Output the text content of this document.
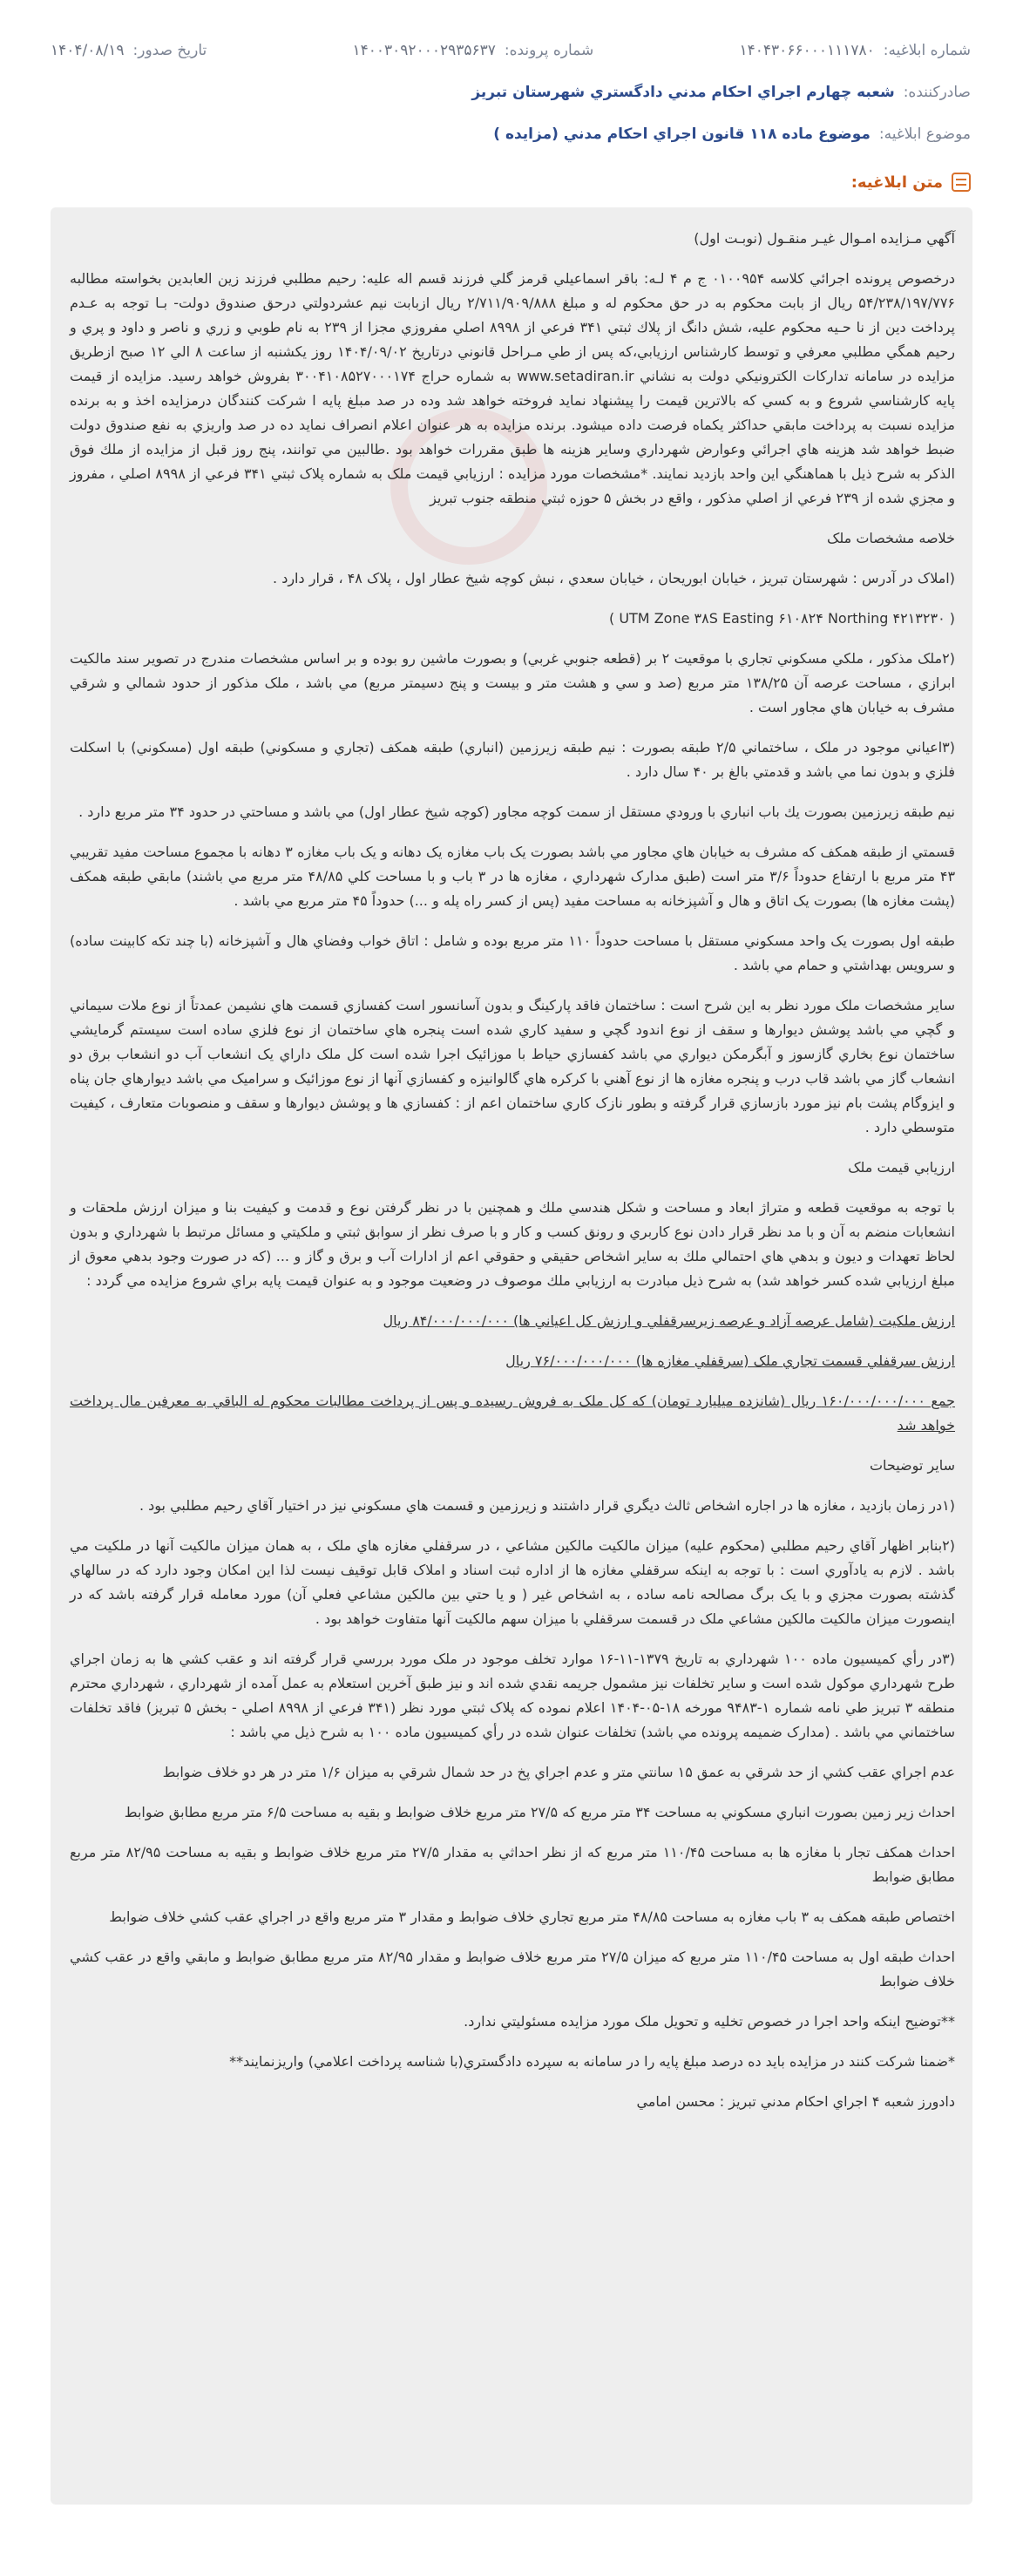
شماره ابلاغيه:
۱۴۰۴۳۰۶۶۰۰۰۱۱۱۷۸۰
شماره پرونده:
۱۴۰۰۳۰۹۲۰۰۰۲۹۳۵۶۳۷
تاريخ صدور:
۱۴۰۴/۰۸/۱۹
صادرکننده:
شعبه چهارم اجراي احكام مدني دادگستري شهرستان تبريز
موضوع ابلاغيه:
موضوع ماده ۱۱۸ قانون اجراي احکام مدني (مزايده )
متن ابلاغيه:

آگهي مـزايده امـوال غيـر منقـول (نوبـت اول)

درخصوص پرونده اجرائي كلاسه ۰۱۰۰۹۵۴ ج م ۴ لـه: باقر اسماعيلي قرمز گلي فرزند قسم اله عليه: رحيم مطلبي فرزند زين العابدين بخواسته مطالبه ۵۴/۲۳۸/۱۹۷/۷۷۶ ريال از بابت محكوم به در حق محكوم له و مبلغ ۲/۷۱۱/۹۰۹/۸۸۸ ريال ازبابت نيم عشردولتي درحق صندوق دولت- بـا توجه به عـدم پرداخت دين از نا حـيه محكوم عليه، شش دانگ از پلاك ثبتي ۳۴۱ فرعي از ۸۹۹۸ اصلي مفروزي مجزا از ۲۳۹ به نام طوبي و زري و ناصر و داود و پري و رحيم همگي مطلبي معرفي و توسط كارشناس ارزيابي،كه پس از طي مـراحل قانوني درتاريخ ۱۴۰۴/۰۹/۰۲ روز يكشنبه از ساعت ۸ الي ۱۲ صبح ازطريق مزايده در سامانه تداركات الكترونيكي دولت به نشاني www.setadiran.ir به شماره حراج ۳۰۰۴۱۰۸۵۲۷۰۰۰۱۷۴ بفروش خواهد رسيد. مزايده از قيمت پايه كارشناسي شروع و به كسي كه بالاترين قيمت را پيشنهاد نمايد فروخته خواهد شد وده در صد مبلغ پايه ا شرکت کنندگان درمزايده اخذ و به برنده مزايده نسبت به پرداخت مابقي حداكثر يكماه فرصت داده ميشود. برنده مزايده به هر عنوان اعلام انصراف نمايد ده در صد واريزي به نفع صندوق دولت ضبط خواهد شد هزينه هاي اجرائي وعوارض شهرداري وساير هزينه ها طبق مقررات خواهد بود .طالبين مي توانند، پنج روز قبل از مزايده از ملك فوق الذكر به شرح ذيل با هماهنگي اين واحد بازديد نمايند. *مشخصات مورد مزايده : ارزيابي قيمت ملک به شماره پلاک ثبتي ۳۴۱ فرعي از ۸۹۹۸ اصلي ، مفروز و مجزي شده از ۲۳۹ فرعي از اصلي مذکور ، واقع در بخش ۵ حوزه ثبتي منطقه جنوب تبريز

خلاصه مشخصات ملک

(املاک در آدرس : شهرستان تبريز ، خيابان ابوريحان ، خيابان سعدي ، نبش کوچه شيخ عطار اول ، پلاک ۴۸ ، قرار دارد .

( UTM Zone ۳۸S Easting ۶۱۰۸۲۴ Northing ۴۲۱۳۲۳۰ )

(۲ملک مذکور ، ملکي مسکوني تجاري با موقعيت ۲ بر (قطعه جنوبي غربي) و بصورت ماشين رو بوده و بر اساس مشخصات مندرج در تصوير سند مالکيت ابرازي ، مساحت عرصه آن ۱۳۸/۲۵ متر مربع (صد و سي و هشت متر و بيست و پنج دسيمتر مربع) مي باشد ، ملک مذکور از حدود شمالي و شرقي مشرف به خيابان هاي مجاور است .

(۳اعياني موجود در ملک ، ساختماني ۲/۵ طبقه بصورت : نيم طبقه زيرزمين (انباري) طبقه همکف (تجاري و مسکوني) طبقه اول (مسکوني) با اسکلت فلزي و بدون نما مي باشد و قدمتي بالغ بر ۴۰ سال دارد .

نيم طبقه زيرزمين بصورت يك باب انباري با ورودي مستقل از سمت کوچه مجاور (کوچه شيخ عطار اول) مي باشد و مساحتي در حدود ۳۴ متر مربع دارد .

قسمتي از طبقه همکف که مشرف به خيابان هاي مجاور مي باشد بصورت يک باب مغازه يک دهانه و يک باب مغازه ۳ دهانه با مجموع مساحت مفيد تقريبي ۴۳ متر مربع با ارتفاع حدوداً ۳/۶ متر است (طبق مدارک شهرداري ، مغازه ها در ۳ باب و با مساحت کلي ۴۸/۸۵ متر مربع مي باشند) مابقي طبقه همکف (پشت مغازه ها) بصورت يک اتاق و هال و آشپزخانه به مساحت مفيد (پس از کسر راه پله و ...) حدوداً ۴۵ متر مربع مي باشد .

طبقه اول بصورت يک واحد مسکوني مستقل با مساحت حدوداً ۱۱۰ متر مربع بوده و شامل : اتاق خواب وفضاي هال و آشپزخانه (با چند تکه کابينت ساده) و سرويس بهداشتي و حمام مي باشد .

ساير مشخصات ملک مورد نظر به اين شرح است : ساختمان فاقد پارکينگ و بدون آسانسور است کفسازي قسمت هاي نشيمن عمدتاً از نوع ملات سيماني و گچي مي باشد پوشش ديوارها و سقف از نوع اندود گچي و سفيد کاري شده است پنجره هاي ساختمان از نوع فلزي ساده است سيستم گرمايشي ساختمان نوع بخاري گازسوز و آبگرمکن ديواري مي باشد کفسازي حياط با موزائيک اجرا شده است کل ملک داراي يک انشعاب آب دو انشعاب برق دو انشعاب گاز مي باشد قاب درب و پنجره مغازه ها از نوع آهني با کرکره هاي گالوانيزه و کفسازي آنها از نوع موزائيک و سراميک مي باشد ديوارهاي جان پناه و ايزوگام پشت بام نيز مورد بازسازي قرار گرفته و بطور نازک کاري ساختمان اعم از : کفسازي ها و پوشش ديوارها و سقف و منصوبات متعارف ، کيفيت متوسطي دارد .

ارزيابي قيمت ملک

با توجه به موقعيت قطعه و متراژ ابعاد و مساحت و شكل هندسي ملك و همچنين با در نظر گرفتن نوع و قدمت و كيفيت بنا و ميزان ارزش ملحقات و انشعابات منضم به آن و با مد نظر قرار دادن نوع كاربري و رونق كسب و كار و با صرف نظر از سوابق ثبتي و ملكيتي و مسائل مرتبط با شهرداري و بدون لحاظ تعهدات و ديون و بدهي هاي احتمالي ملك به ساير اشخاص حقيقي و حقوقي اعم از ادارات آب و برق و گاز و ... (كه در صورت وجود بدهي معوق از مبلغ ارزيابي شده كسر خواهد شد) به شرح ذيل مبادرت به ارزيابي ملك موصوف در وضعيت موجود و به عنوان قيمت پايه براي شروع مزايده مي گردد :

ارزش ملکيت (شامل عرصه آزاد و عرصه زيرسرقفلي و ارزش کل اعياني ها) ۸۴/۰۰۰/۰۰۰/۰۰۰ ريال

ارزش سرقفلي قسمت تجاري ملک (سرقفلي مغازه ها) ۷۶/۰۰۰/۰۰۰/۰۰۰ ريال

جمع ۱۶۰/۰۰۰/۰۰۰/۰۰۰ ريال (شانزده ميليارد تومان) كه كل ملک به فروش رسيده و پس از پرداخت مطالبات محکوم له الباقي به معرفين مال پرداخت خواهد شد

ساير توضيحات

(۱در زمان بازديد ، مغازه ها در اجاره اشخاص ثالث ديگري قرار داشتند و زيرزمين و قسمت هاي مسکوني نيز در اختيار آقاي رحيم مطلبي بود .

(۲بنابر اظهار آقاي رحيم مطلبي (محکوم عليه) ميزان مالکيت مالکين مشاعي ، در سرقفلي مغازه هاي ملک ، به همان ميزان مالکيت آنها در ملکيت مي باشد . لازم به يادآوري است : با توجه به اينکه سرقفلي مغازه ها از اداره ثبت اسناد و املاک قابل توقيف نيست لذا اين امکان وجود دارد که در سالهاي گذشته بصورت مجزي و با يک برگ مصالحه نامه ساده ، به اشخاص غير ( و يا حتي بين مالکين مشاعي فعلي آن) مورد معامله قرار گرفته باشد که در اينصورت ميزان مالکيت مالکين مشاعي ملک در قسمت سرقفلي با ميزان سهم مالکيت آنها متفاوت خواهد بود .

(۳در رأي کميسيون ماده ۱۰۰ شهرداري به تاريخ ۱۳۷۹-۱۱-۱۶ موارد تخلف موجود در ملک مورد بررسي قرار گرفته اند و عقب کشي ها به زمان اجراي طرح شهرداري موکول شده است و ساير تخلفات نيز مشمول جريمه نقدي شده اند و نيز طبق آخرين استعلام به عمل آمده از شهرداري ، شهرداري محترم منطقه ۳ تبريز طي نامه شماره ۱-۹۴۸۳ مورخه ۱۸-۰۵-۱۴۰۴ اعلام نموده كه پلاک ثبتي مورد نظر (۳۴۱ فرعي از ۸۹۹۸ اصلي - بخش ۵ تبريز) فاقد تخلفات ساختماني مي باشد . (مدارک ضميمه پرونده مي باشد) تخلفات عنوان شده در رأي کميسيون ماده ۱۰۰ به شرح ذيل مي باشد :

عدم اجراي عقب کشي از حد شرقي به عمق ۱۵ سانتي متر و عدم اجراي پخ در حد شمال شرقي به ميزان ۱/۶ متر در هر دو خلاف ضوابط

احداث زير زمين بصورت انباري مسکوني به مساحت ۳۴ متر مربع که ۲۷/۵ متر مربع خلاف ضوابط و بقيه به مساحت ۶/۵ متر مربع مطابق ضوابط

احداث همکف تجار با مغازه ها به مساحت ۱۱۰/۴۵ متر مربع که از نظر احداثي به مقدار ۲۷/۵ متر مربع خلاف ضوابط و بقيه به مساحت ۸۲/۹۵ متر مربع مطابق ضوابط

اختصاص طبقه همکف به ۳ باب مغازه به مساحت ۴۸/۸۵ متر مربع تجاري خلاف ضوابط و مقدار ۳ متر مربع واقع در اجراي عقب کشي خلاف ضوابط

احداث طبقه اول به مساحت ۱۱۰/۴۵ متر مربع که ميزان ۲۷/۵ متر مربع خلاف ضوابط و مقدار ۸۲/۹۵ متر مربع مطابق ضوابط و مابقي واقع در عقب کشي خلاف ضوابط

**توضيح اينکه واحد اجرا در خصوص تخليه و تحويل ملک مورد مزايده مسئوليتي ندارد.

*ضمنا شرکت کنند در مزايده بايد ده درصد مبلغ پايه را در سامانه به سپرده دادگستري(با شناسه پرداخت اعلامي) واريزنمايند**

دادورز شعبه ۴ اجراي احکام مدني تبريز : محسن امامي
